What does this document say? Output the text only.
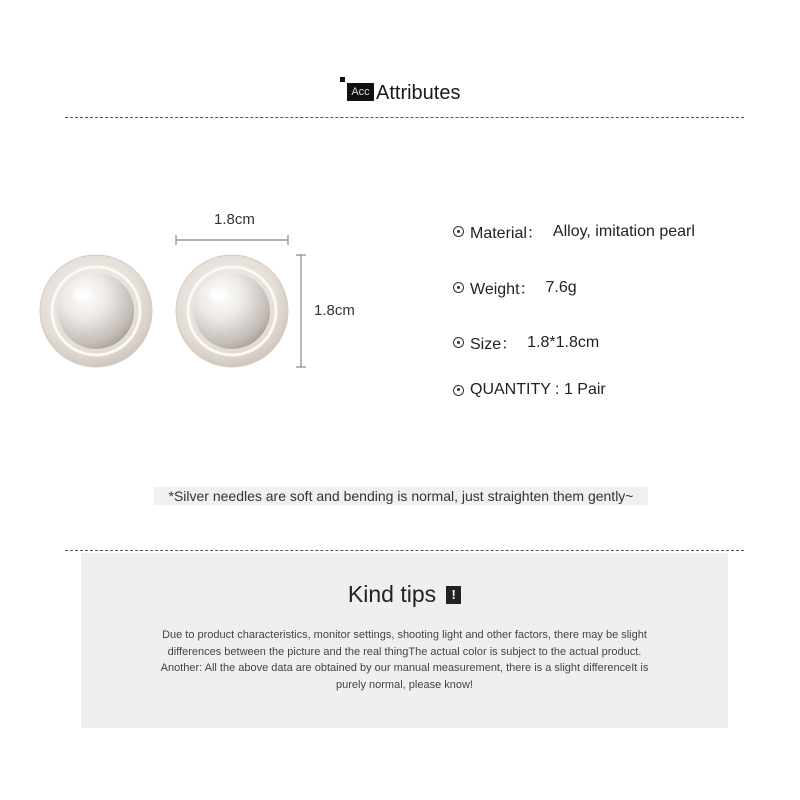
Acc Attributes
1.8cm
1.8cm
Material： Alloy, imitation pearl
Weight： 7.6g
Size： 1.8*1.8cm
QUANTITY : 1 Pair
*Silver needles are soft and bending is normal, just straighten them gently~
Kind tips	!
Due to product characteristics, monitor settings, shooting light and other factors, there may be slight
differences between the picture and the real thingThe actual color is subject to the actual product.
Another: All the above data are obtained by our manual measurement, there is a slight differenceIt is
purely normal, please know!
